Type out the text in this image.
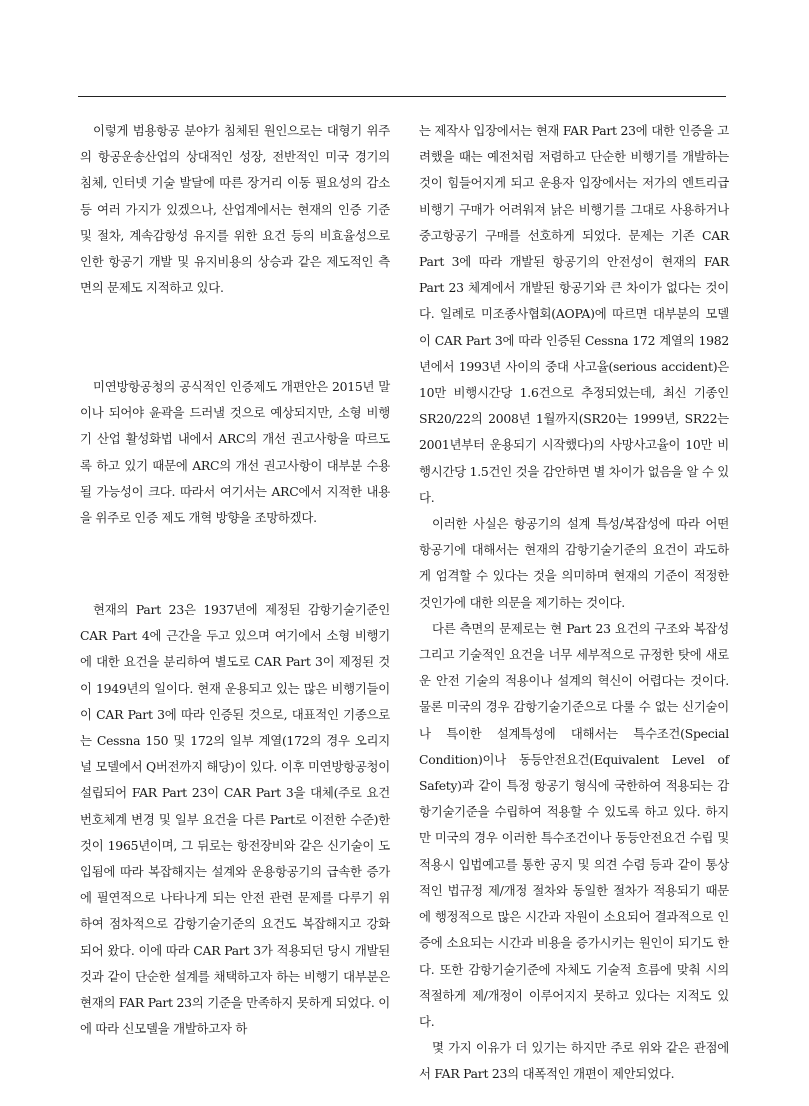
이렇게 범용항공 분야가 침체된 원인으로는 대형기 위주의 항공운송산업의 상대적인 성장, 전반적인 미국 경기의 침체, 인터넷 기술 발달에 따른 장거리 이동 필요성의 감소 등 여러 가지가 있겠으나, 산업계에서는 현재의 인증 기준 및 절차, 계속감항성 유지를 위한 요건 등의 비효율성으로 인한 항공기 개발 및 유지비용의 상승과 같은 제도적인 측면의 문제도 지적하고 있다.

미연방항공청의 공식적인 인증제도 개편안은 2015년 말이나 되어야 윤곽을 드러낼 것으로 예상되지만, 소형 비행기 산업 활성화법 내에서 ARC의 개선 권고사항을 따르도록 하고 있기 때문에 ARC의 개선 권고사항이 대부분 수용될 가능성이 크다. 따라서 여기서는 ARC에서 지적한 내용을 위주로 인증 제도 개혁 방향을 조망하겠다.

현재의 Part 23은 1937년에 제정된 감항기술기준인 CAR Part 4에 근간을 두고 있으며 여기에서 소형 비행기에 대한 요건을 분리하여 별도로 CAR Part 3이 제정된 것이 1949년의 일이다. 현재 운용되고 있는 많은 비행기들이 이 CAR Part 3에 따라 인증된 것으로, 대표적인 기종으로는 Cessna 150 및 172의 일부 계열(172의 경우 오리지널 모델에서 Q버전까지 해당)이 있다. 이후 미연방항공청이 설립되어 FAR Part 23이 CAR Part 3을 대체(주로 요건 번호체계 변경 및 일부 요건을 다른 Part로 이전한 수준)한 것이 1965년이며, 그 뒤로는 항전장비와 같은 신기술이 도입됨에 따라 복잡해지는 설계와 운용항공기의 급속한 증가에 필연적으로 나타나게 되는 안전 관련 문제를 다루기 위하여 점차적으로 감항기술기준의 요건도 복잡해지고 강화되어 왔다. 이에 따라 CAR Part 3가 적용되던 당시 개발된 것과 같이 단순한 설계를 채택하고자 하는 비행기 대부분은 현재의 FAR Part 23의 기준을 만족하지 못하게 되었다. 이에 따라 신모델을 개발하고자 하

는 제작사 입장에서는 현재 FAR Part 23에 대한 인증을 고려했을 때는 예전처럼 저렴하고 단순한 비행기를 개발하는 것이 힘들어지게 되고 운용자 입장에서는 저가의 엔트리급 비행기 구매가 어려워져 낡은 비행기를 그대로 사용하거나 중고항공기 구매를 선호하게 되었다. 문제는 기존 CAR Part 3에 따라 개발된 항공기의 안전성이 현재의 FAR Part 23 체계에서 개발된 항공기와 큰 차이가 없다는 것이다. 일례로 미조종사협회(AOPA)에 따르면 대부분의 모델이 CAR Part 3에 따라 인증된 Cessna 172 계열의 1982년에서 1993년 사이의 중대 사고율(serious accident)은 10만 비행시간당 1.6건으로 추정되었는데, 최신 기종인 SR20/22의 2008년 1월까지(SR20는 1999년, SR22는 2001년부터 운용되기 시작했다)의 사망사고율이 10만 비행시간당 1.5건인 것을 감안하면 별 차이가 없음을 알 수 있다.

이러한 사실은 항공기의 설계 특성/복잡성에 따라 어떤 항공기에 대해서는 현재의 감항기술기준의 요건이 과도하게 엄격할 수 있다는 것을 의미하며 현재의 기준이 적정한 것인가에 대한 의문을 제기하는 것이다.

다른 측면의 문제로는 현 Part 23 요건의 구조와 복잡성 그리고 기술적인 요건을 너무 세부적으로 규정한 탓에 새로운 안전 기술의 적용이나 설계의 혁신이 어렵다는 것이다. 물론 미국의 경우 감항기술기준으로 다룰 수 없는 신기술이나 특이한 설계특성에 대해서는 특수조건(Special Condition)이나 동등안전요건(Equivalent Level of Safety)과 같이 특정 항공기 형식에 국한하여 적용되는 감항기술기준을 수립하여 적용할 수 있도록 하고 있다. 하지만 미국의 경우 이러한 특수조건이나 동등안전요건 수립 및 적용시 입법예고를 통한 공지 및 의견 수렴 등과 같이 통상적인 법규정 제/개정 절차와 동일한 절차가 적용되기 때문에 행정적으로 많은 시간과 자원이 소요되어 결과적으로 인증에 소요되는 시간과 비용을 증가시키는 원인이 되기도 한다. 또한 감항기술기준에 자체도 기술적 흐름에 맞춰 시의 적절하게 제/개정이 이루어지지 못하고 있다는 지적도 있다.

몇 가지 이유가 더 있기는 하지만 주로 위와 같은 관점에서 FAR Part 23의 대폭적인 개편이 제안되었다.
